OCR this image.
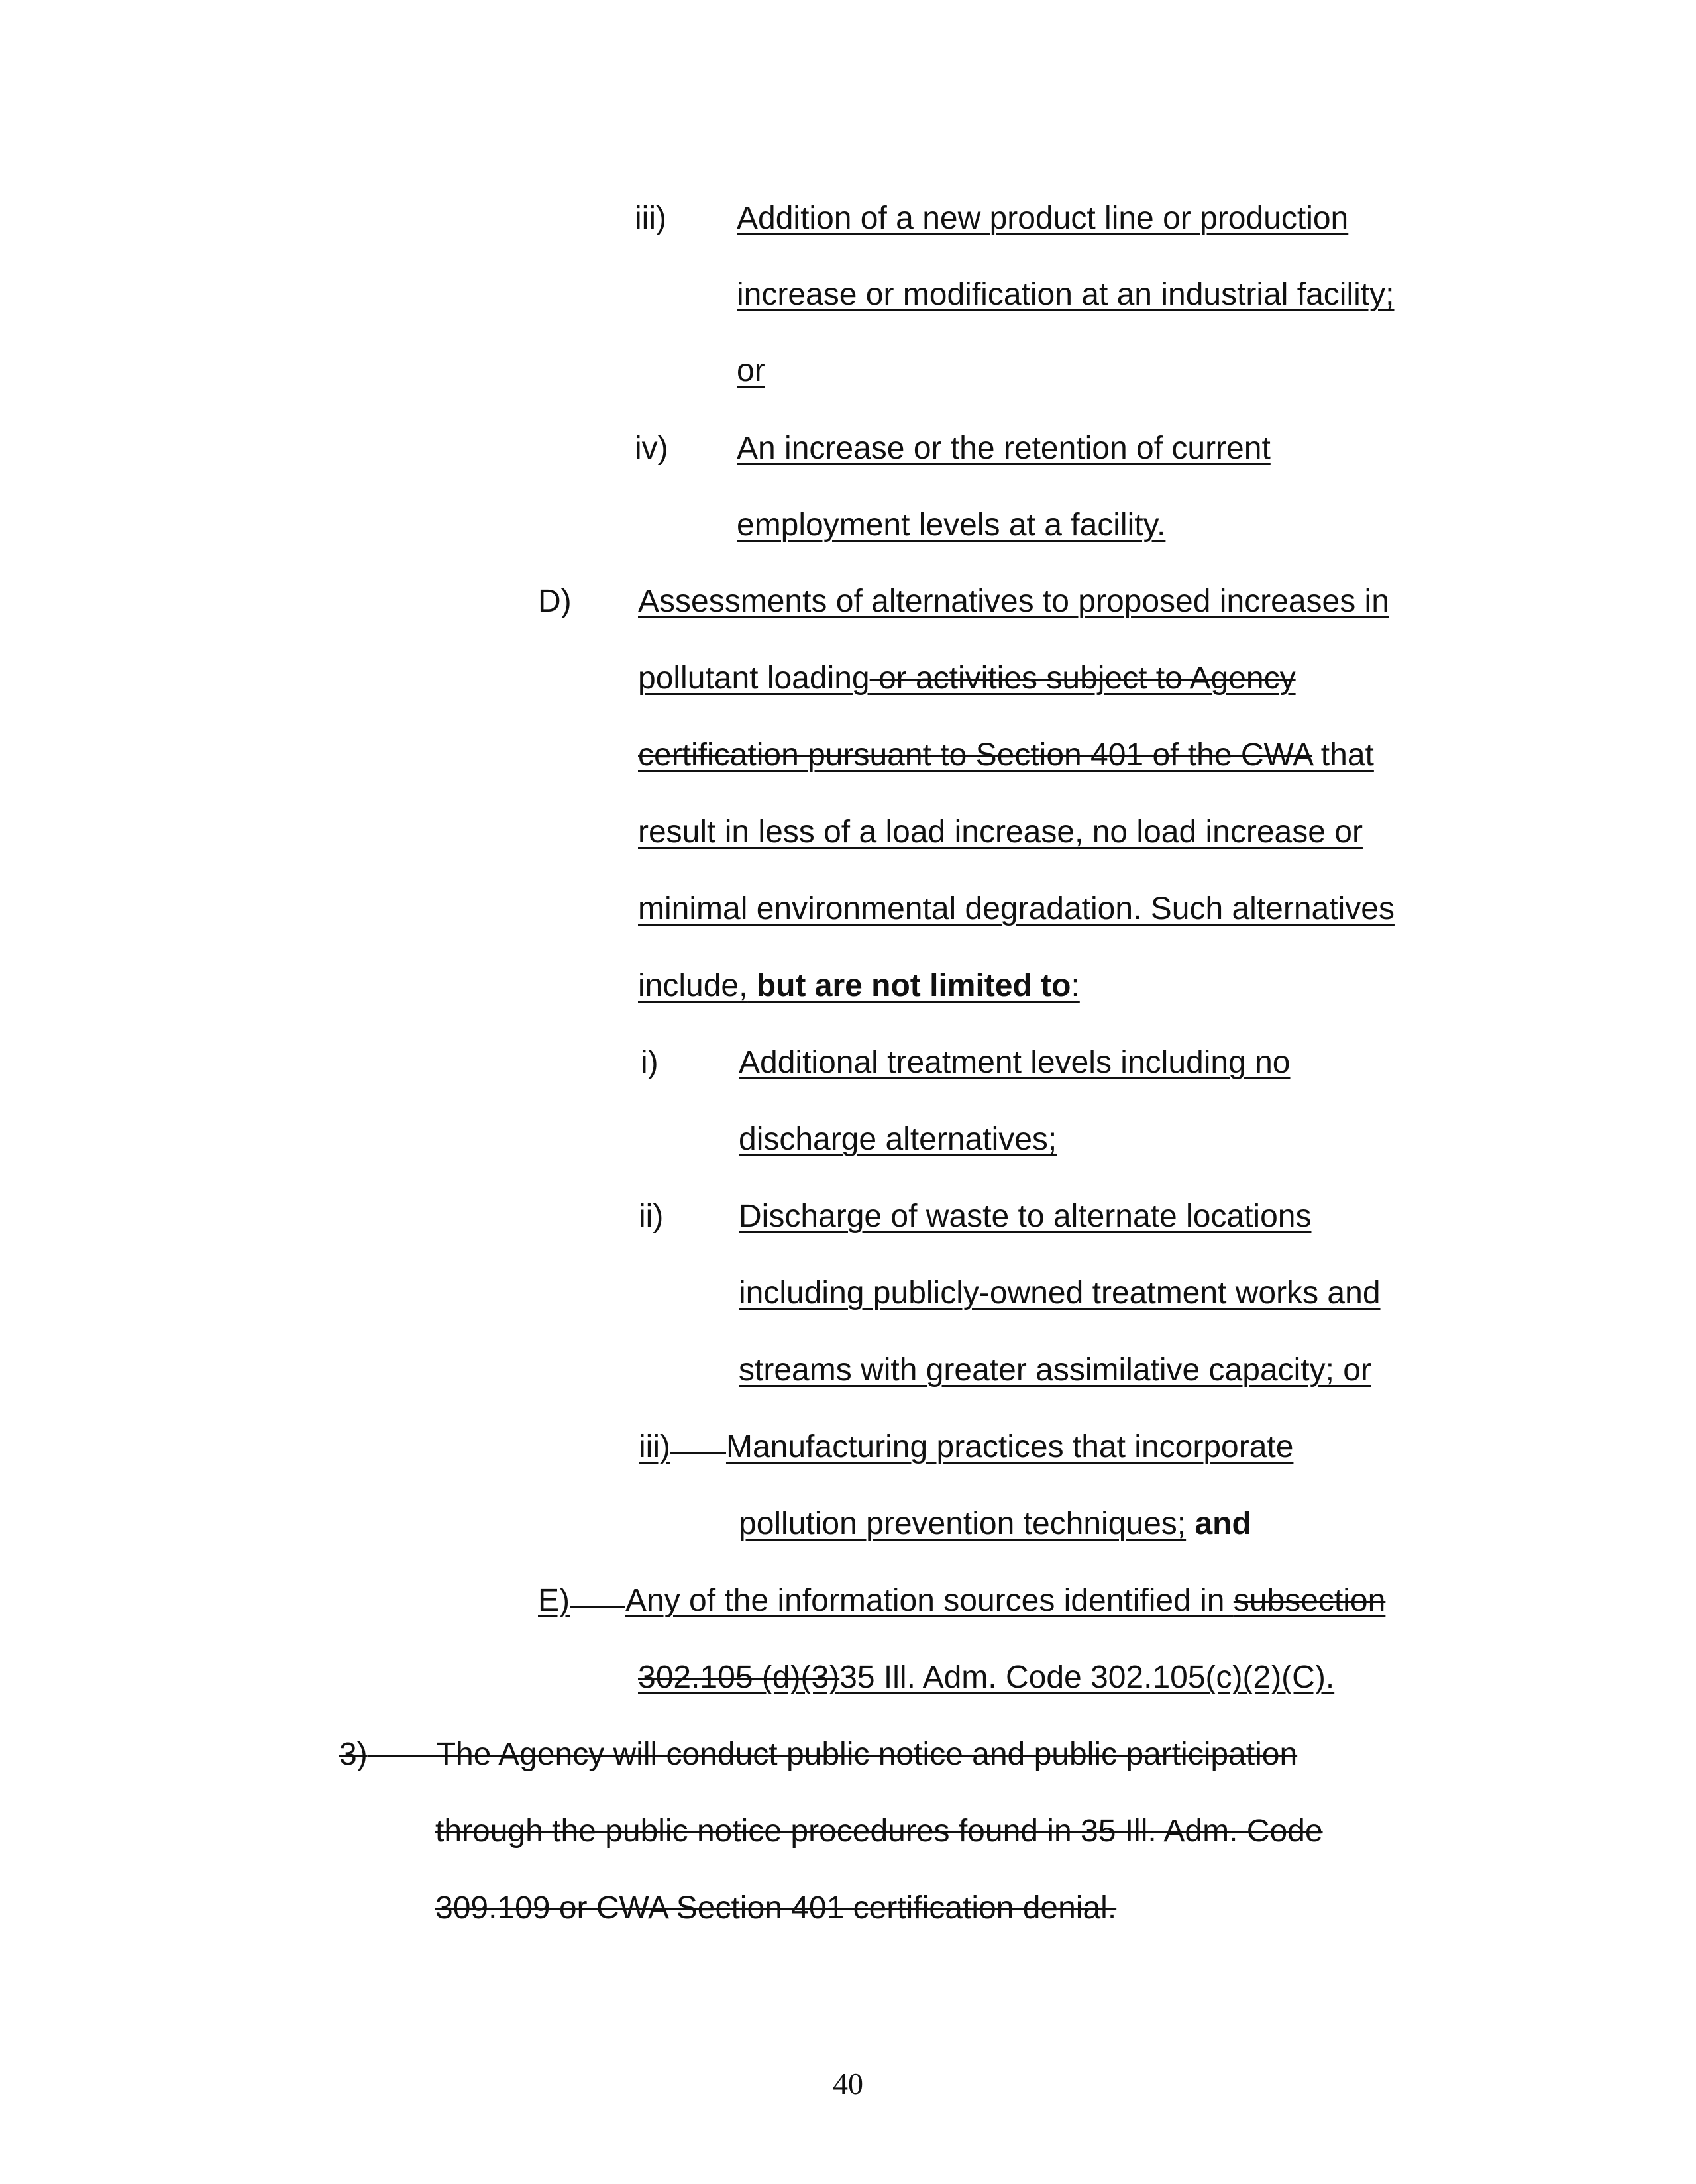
iii) Addition of a new product line or production
increase or modification at an industrial facility;
or
iv) An increase or the retention of current
employment levels at a facility.
D) Assessments of alternatives to proposed increases in
pollutant loading or activities subject to Agency
certification pursuant to Section 401 of the CWA that
result in less of a load increase, no load increase or
minimal environmental degradation. Such alternatives
include, but are not limited to:
i)	Additional treatment levels including no
discharge alternatives;
ii) Discharge of waste to alternate locations
including publicly-owned treatment works and
streams with greater assimilative capacity; or
iii) Manufacturing practices that incorporate
pollution prevention techniques; and
E) Any of the information sources identified in subsection
302.105 (d)(3)35 Ill. Adm. Code 302.105(c)(2)(C).
3) The Agency will conduct public notice and public participation
through the public notice procedures found in 35 Ill. Adm. Code
309.109 or CWA Section 401 certification denial.
40
